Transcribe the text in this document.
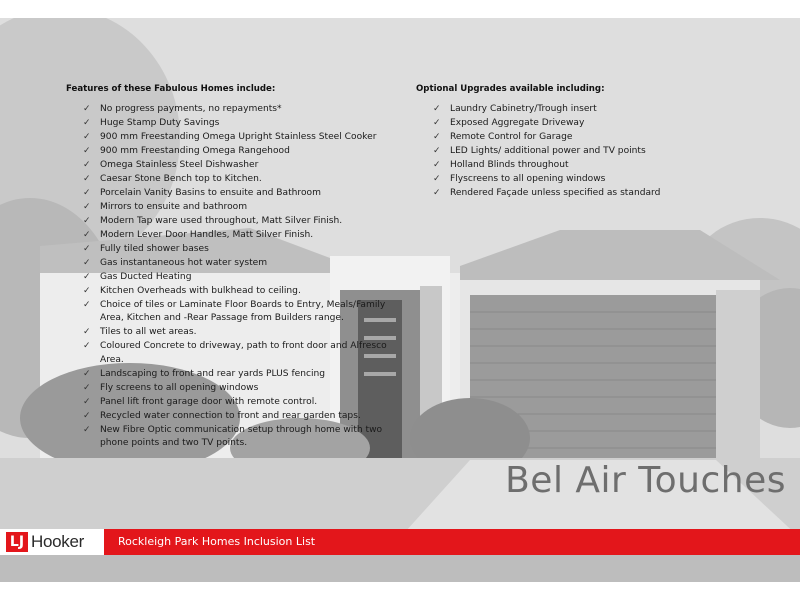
Features of these Fabulous Homes include:
✓ No progress payments, no repayments*
✓ Huge Stamp Duty Savings
✓ 900 mm Freestanding Omega Upright Stainless Steel Cooker
✓ 900 mm Freestanding Omega Rangehood
✓ Omega Stainless Steel Dishwasher
✓ Caesar Stone Bench top to Kitchen.
✓ Porcelain Vanity Basins to ensuite and Bathroom
✓ Mirrors to ensuite and bathroom
✓ Modern Tap ware used throughout, Matt Silver Finish.
✓ Modern Lever Door Handles, Matt Silver Finish.
✓ Fully tiled shower bases
✓ Gas instantaneous hot water system
✓ Gas Ducted Heating
✓ Kitchen Overheads with bulkhead to ceiling.
✓ Choice of tiles or Laminate Floor Boards to Entry, Meals/Family Area, Kitchen and -Rear Passage from Builders range.
✓ Tiles to all wet areas.
✓ Coloured Concrete to driveway, path to front door and Alfresco Area.
✓ Landscaping to front and rear yards PLUS fencing
✓ Fly screens to all opening windows
✓ Panel lift front garage door with remote control.
✓ Recycled water connection to front and rear garden taps.
✓ New Fibre Optic communication setup through home with two phone points and two TV points.
Optional Upgrades available including:
✓ Laundry Cabinetry/Trough insert
✓ Exposed Aggregate Driveway
✓ Remote Control for Garage
✓ LED Lights/ additional power and TV points
✓ Holland Blinds throughout
✓ Flyscreens to all opening windows
✓ Rendered Façade unless specified as standard
Bel Air Touches
LJ Hooker	Rockleigh Park Homes Inclusion List
